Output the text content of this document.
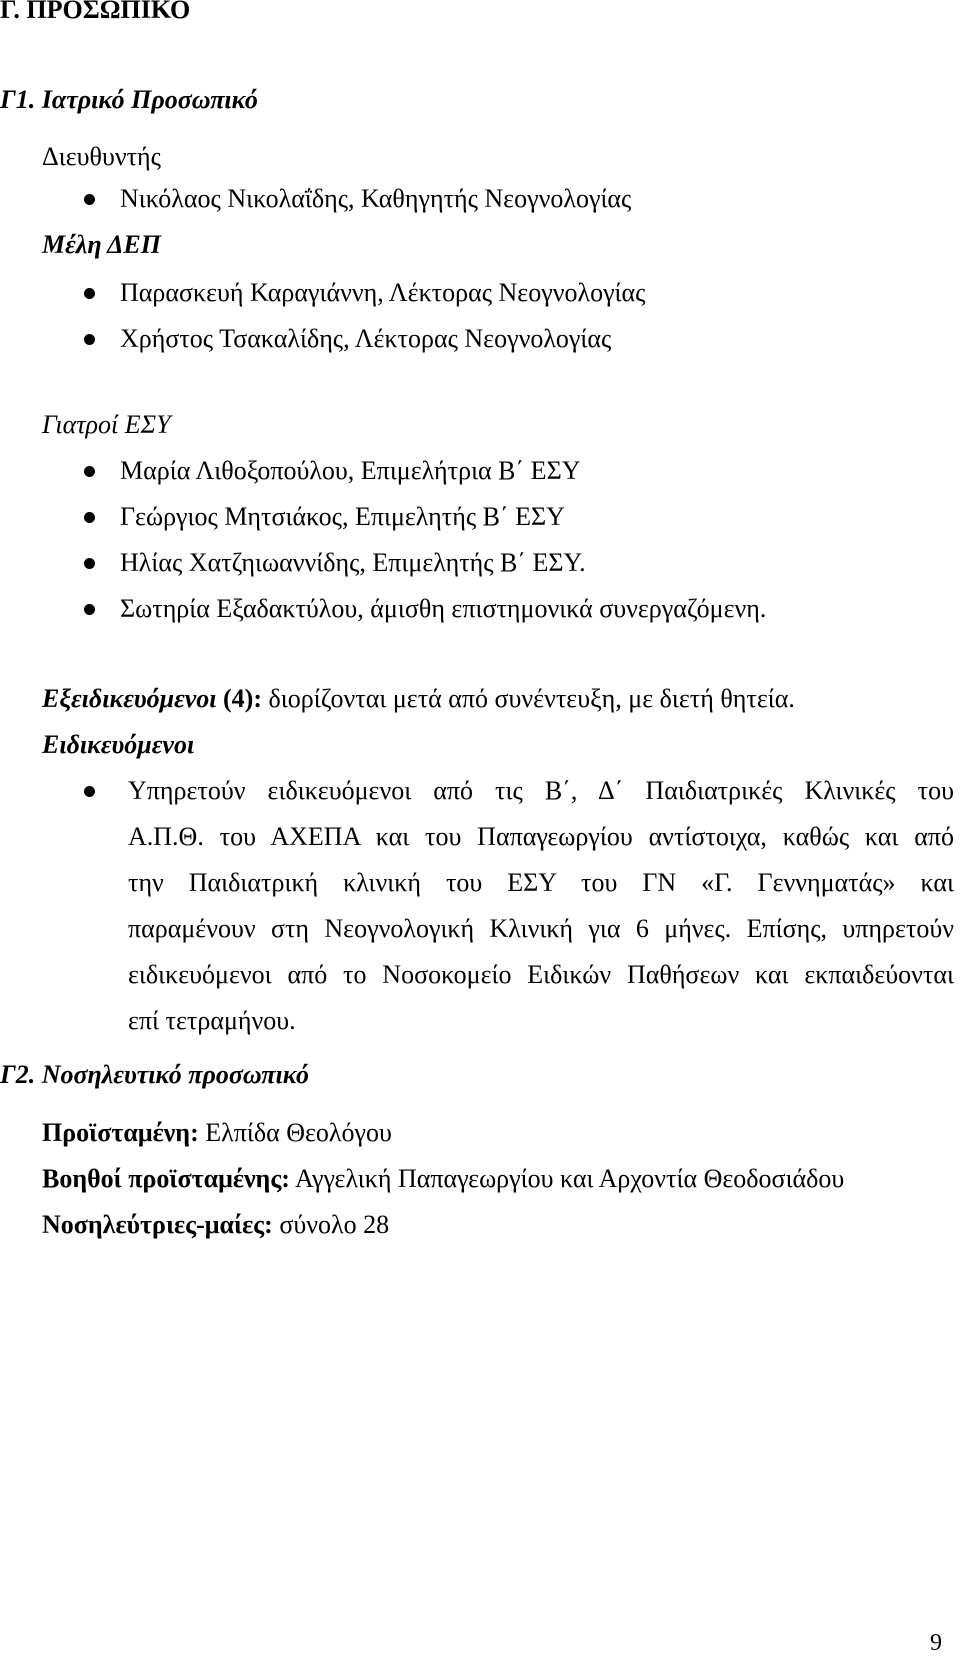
Γ. ΠΡΟΣΩΠΙΚΟ
Γ1. Ιατρικό Προσωπικό
Διευθυντής
Νικόλαος Νικολαΐδης, Καθηγητής Νεογνολογίας
Μέλη ΔΕΠ
Παρασκευή Καραγιάννη, Λέκτορας Νεογνολογίας
Χρήστος Τσακαλίδης, Λέκτορας Νεογνολογίας
Γιατροί ΕΣΥ
Μαρία Λιθοξοπούλου, Επιμελήτρια Β΄ ΕΣΥ
Γεώργιος Μητσιάκος, Επιμελητής Β΄ ΕΣΥ
Ηλίας Χατζηιωαννίδης, Επιμελητής Β΄ ΕΣΥ.
Σωτηρία Εξαδακτύλου, άμισθη επιστημονικά συνεργαζόμενη.
Εξειδικευόμενοι (4): διορίζονται μετά από συνέντευξη, με διετή θητεία.
Ειδικευόμενοι
Υπηρετούν ειδικευόμενοι από τις Β΄, Δ΄ Παιδιατρικές Κλινικές του
Α.Π.Θ. του ΑΧΕΠΑ και του Παπαγεωργίου αντίστοιχα, καθώς και από
την Παιδιατρική κλινική του ΕΣΥ του ΓΝ «Γ. Γεννηματάς» και
παραμένουν στη Νεογνολογική Κλινική για 6 μήνες. Επίσης, υπηρετούν
ειδικευόμενοι από το Νοσοκομείο Ειδικών Παθήσεων και εκπαιδεύονται
επί τετραμήνου.
Γ2. Νοσηλευτικό προσωπικό
Προϊσταμένη: Ελπίδα Θεολόγου
Βοηθοί προϊσταμένης: Αγγελική Παπαγεωργίου και Αρχοντία Θεοδοσιάδου
Νοσηλεύτριες-μαίες: σύνολο 28
9
